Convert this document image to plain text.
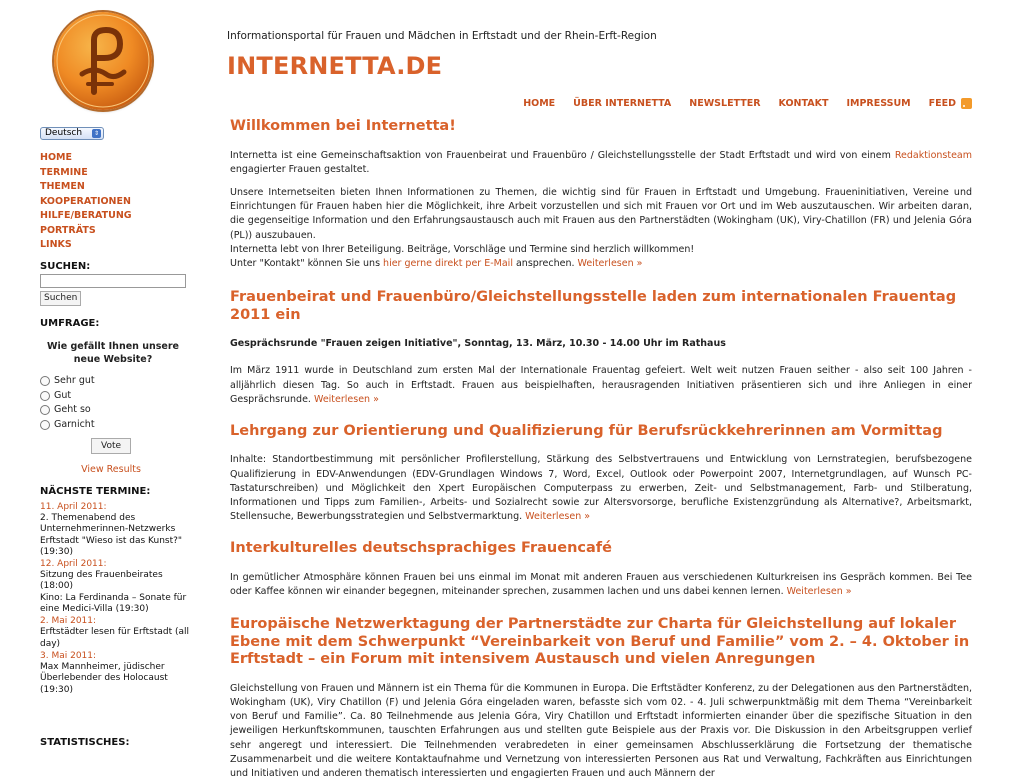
Deutsch	⇕
HOME
TERMINE
THEMEN
KOOPERATIONEN
HILFE/BERATUNG
PORTRÄTS
LINKS
SUCHEN:
Suchen
UMFRAGE:
Wie gefällt Ihnen unsere neue Website?
Sehr gut
Gut
Geht so
Garnicht
Vote
View Results
NÄCHSTE TERMINE:
11. April 2011:
2. Themenabend des Unternehmerinnen-Netzwerks Erftstadt "Wieso ist das Kunst?" (19:30)
12. April 2011:
Sitzung des Frauenbeirates (18:00)
Kino: La Ferdinanda – Sonate für eine Medici-Villa (19:30)
2. Mai 2011:
Erftstädter lesen für Erftstadt (all day)
3. Mai 2011:
Max Mannheimer, jüdischer Überlebender des Holocaust (19:30)
STATISTISCHES:
Informationsportal für Frauen und Mädchen in Erftstadt und der Rhein-Erft-Region
INTERNETTA.DE
HOME ÜBER INTERNETTA NEWSLETTER KONTAKT IMPRESSUM FEED
Willkommen bei Internetta!

Internetta ist eine Gemeinschaftsaktion von Frauenbeirat und Frauenbüro / Gleichstellungsstelle der Stadt Erftstadt und wird von einem Redaktionsteam engagierter Frauen gestaltet.

Unsere Internetseiten bieten Ihnen Informationen zu Themen, die wichtig sind für Frauen in Erftstadt und Umgebung. Fraueninitiativen, Vereine und Einrichtungen für Frauen haben hier die Möglichkeit, ihre Arbeit vorzustellen und sich mit Frauen vor Ort und im Web auszutauschen. Wir arbeiten daran, die gegenseitige Information und den Erfahrungsaustausch auch mit Frauen aus den Partnerstädten (Wokingham (UK), Viry-Chatillon (FR) und Jelenia Góra (PL)) auszubauen.

Internetta lebt von Ihrer Beteiligung. Beiträge, Vorschläge und Termine sind herzlich willkommen!

Unter "Kontakt" können Sie uns hier gerne direkt per E-Mail ansprechen. Weiterlesen »

Frauenbeirat und Frauenbüro/Gleichstellungsstelle laden zum internationalen Frauentag 2011 ein

Gesprächsrunde "Frauen zeigen Initiative", Sonntag, 13. März, 10.30 - 14.00 Uhr im Rathaus

Im März 1911 wurde in Deutschland zum ersten Mal der Internationale Frauentag gefeiert. Welt weit nutzen Frauen seither - also seit 100 Jahren - alljährlich diesen Tag. So auch in Erftstadt. Frauen aus beispielhaften, herausragenden Initiativen präsentieren sich und ihre Anliegen in einer Gesprächsrunde. Weiterlesen »

Lehrgang zur Orientierung und Qualifizierung für Berufsrückkehrerinnen am Vormittag

Inhalte: Standortbestimmung mit persönlicher Profilerstellung, Stärkung des Selbstvertrauens und Entwicklung von Lernstrategien, berufsbezogene Qualifizierung in EDV-Anwendungen (EDV-Grundlagen Windows 7, Word, Excel, Outlook oder Powerpoint 2007, Internetgrundlagen, auf Wunsch PC-Tastaturschreiben) und Möglichkeit den Xpert Europäischen Computerpass zu erwerben, Zeit- und Selbstmanagement, Farb- und Stilberatung, Informationen und Tipps zum Familien-, Arbeits- und Sozialrecht sowie zur Altersvorsorge, berufliche Existenzgründung als Alternative?, Arbeitsmarkt, Stellensuche, Bewerbungsstrategien und Selbstvermarktung. Weiterlesen »

Interkulturelles deutschsprachiges Frauencafé

In gemütlicher Atmosphäre können Frauen bei uns einmal im Monat mit anderen Frauen aus verschiedenen Kulturkreisen ins Gespräch kommen. Bei Tee oder Kaffee können wir einander begegnen, miteinander sprechen, zusammen lachen und uns dabei kennen lernen. Weiterlesen »

Europäische Netzwerktagung der Partnerstädte zur Charta für Gleichstellung auf lokaler Ebene mit dem Schwerpunkt “Vereinbarkeit von Beruf und Familie” vom 2. – 4. Oktober in Erftstadt – ein Forum mit intensivem Austausch und vielen Anregungen

Gleichstellung von Frauen und Männern ist ein Thema für die Kommunen in Europa. Die Erftstädter Konferenz, zu der Delegationen aus den Partnerstädten, Wokingham (UK), Viry Chatillon (F) und Jelenia Góra eingeladen waren, befasste sich vom 02. - 4. Juli schwerpunktmäßig mit dem Thema “Vereinbarkeit von Beruf und Familie”. Ca. 80 Teilnehmende aus Jelenia Góra, Viry Chatillon und Erftstadt informierten einander über die spezifische Situation in den jeweiligen Herkunftskommunen, tauschten Erfahrungen aus und stellten gute Beispiele aus der Praxis vor. Die Diskussion in den Arbeitsgruppen verlief sehr angeregt und interessiert. Die Teilnehmenden verabredeten in einer gemeinsamen Abschlusserklärung die Fortsetzung der thematische Zusammenarbeit und die weitere Kontaktaufnahme und Vernetzung von interessierten Personen aus Rat und Verwaltung, Fachkräften aus Einrichtungen und Initiativen und anderen thematisch interessierten und engagierten Frauen und auch Männern der
